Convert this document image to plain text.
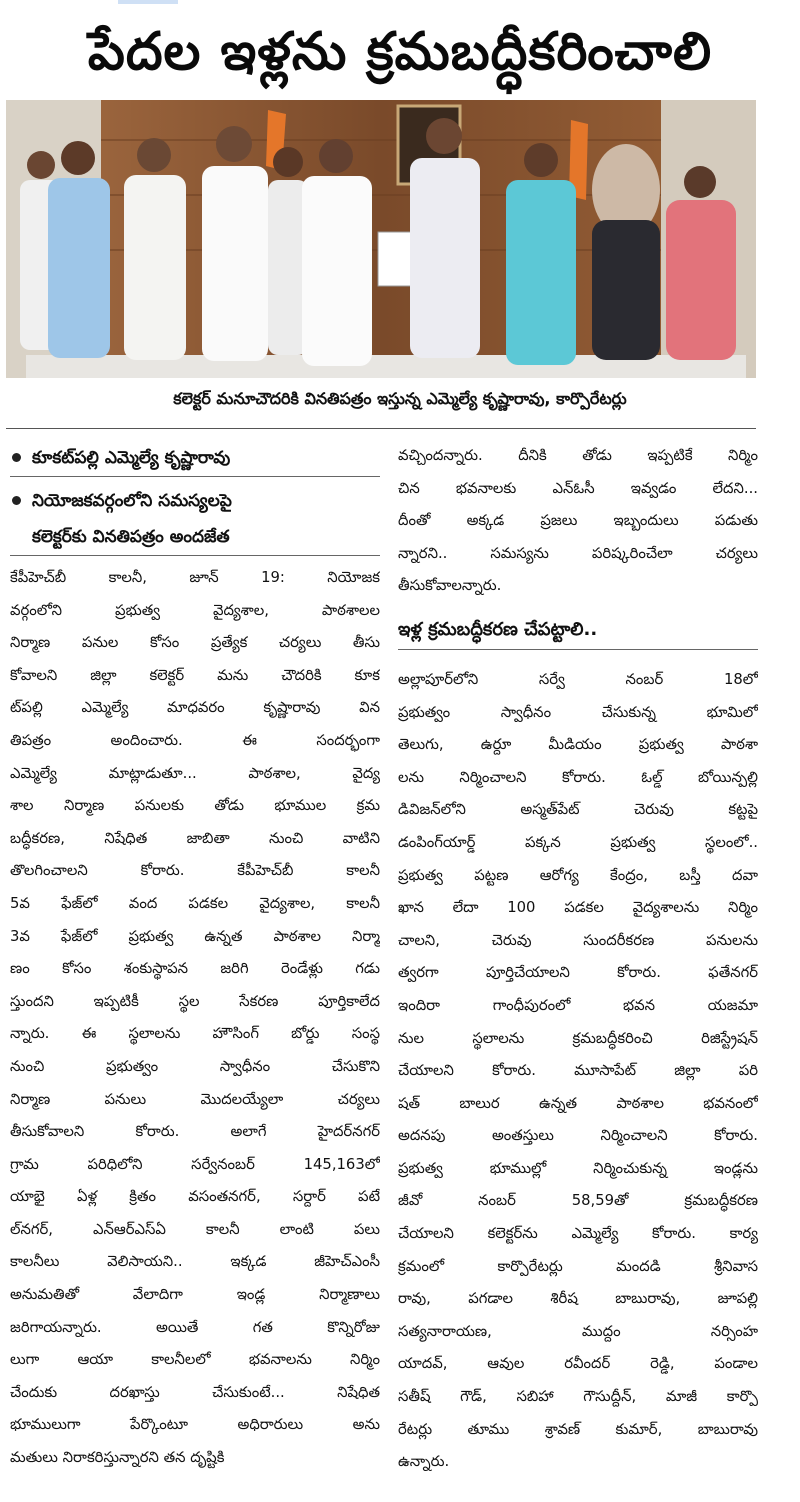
పేదల ఇళ్లను క్రమబద్ధీకరించాలి
కలెక్టర్ మనూచౌదరికి వినతిపత్రం ఇస్తున్న ఎమ్మెల్యే కృష్ణారావు, కార్పొరేటర్లు
కూకట్‌పల్లి ఎమ్మెల్యే కృష్ణారావు
నియోజకవర్గంలోని సమస్యలపై
కలెక్టర్‌కు వినతిపత్రం అందజేత
కేపీహెచ్‌బీ కాలనీ, జూన్ 19: నియోజక
వర్గంలోని ప్రభుత్వ వైద్యశాల, పాఠశాలల
నిర్మాణ పనుల కోసం ప్రత్యేక చర్యలు తీసు
కోవాలని జిల్లా కలెక్టర్ మను చౌదరికి కూక
ట్‌పల్లి ఎమ్మెల్యే మాధవరం కృష్ణారావు విన
తిపత్రం అందించారు. ఈ సందర్భంగా
ఎమ్మెల్యే మాట్లాడుతూ... పాఠశాల, వైద్య
శాల నిర్మాణ పనులకు తోడు భూముల క్రమ
బద్ధీకరణ, నిషేధిత జాబితా నుంచి వాటిని
తొలగించాలని కోరారు. కేపీహెచ్‌బీ కాలనీ
5వ ఫేజ్‌లో వంద పడకల వైద్యశాల, కాలనీ
3వ ఫేజ్‌లో ప్రభుత్వ ఉన్నత పాఠశాల నిర్మా
ణం కోసం శంకుస్థాపన జరిగి రెండేళ్లు గడు
స్తుందని ఇప్పటికీ స్థల సేకరణ పూర్తికాలేద
న్నారు. ఈ స్థలాలను హౌసింగ్ బోర్డు సంస్థ
నుంచి ప్రభుత్వం స్వాధీనం చేసుకొని
నిర్మాణ పనులు మొదలయ్యేలా చర్యలు
తీసుకోవాలని కోరారు. అలాగే హైదర్‌నగర్
గ్రామ పరిధిలోని సర్వేనంబర్ 145,163లో
యాభై ఏళ్ల క్రితం వసంతనగర్, సర్దార్ పటే
ల్‌నగర్, ఎన్ఆర్ఎస్ఏ కాలనీ లాంటి పలు
కాలనీలు వెలిసాయని.. ఇక్కడ జీహెచ్ఎంసీ
అనుమతితో వేలాదిగా ఇండ్ల నిర్మాణాలు
జరిగాయన్నారు. అయితే గత కొన్నిరోజు
లుగా ఆయా కాలనీలలో భవనాలను నిర్మిం
చేందుకు దరఖాస్తు చేసుకుంటే... నిషేధిత
భూములుగా పేర్కొంటూ అధిరారులు అను
మతులు నిరాకరిస్తున్నారని తన దృష్టికి
వచ్చిందన్నారు. దీనికి తోడు ఇప్పటికే నిర్మిం
చిన భవనాలకు ఎన్ఓసీ ఇవ్వడం లేదని...
దీంతో అక్కడ ప్రజలు ఇబ్బందులు పడుతు
న్నారని.. సమస్యను పరిష్కరించేలా చర్యలు
తీసుకోవాలన్నారు.
ఇళ్ల క్రమబద్ధీకరణ చేపట్టాలి..
అల్లాపూర్‌లోని సర్వే నంబర్ 18లో
ప్రభుత్వం స్వాధీనం చేసుకున్న భూమిలో
తెలుగు, ఉర్దూ మీడియం ప్రభుత్వ పాఠశా
లను నిర్మించాలని కోరారు. ఓల్డ్ బోయిన్పల్లి
డివిజన్‌లోని అస్మత్‌పేట్ చెరువు కట్టపై
డంపింగ్‌యార్డ్ పక్కన ప్రభుత్వ స్థలంలో..
ప్రభుత్వ పట్టణ ఆరోగ్య కేంద్రం, బస్తీ దవా
ఖాన లేదా 100 పడకల వైద్యశాలను నిర్మిం
చాలని, చెరువు సుందరీకరణ పనులను
త్వరగా పూర్తిచేయాలని కోరారు. ఫతేనగర్
ఇందిరా గాంధీపురంలో భవన యజమా
నుల స్థలాలను క్రమబద్ధీకరించి రిజిస్ట్రేషన్
చేయాలని కోరారు. మూసాపేట్ జిల్లా పరి
షత్ బాలుర ఉన్నత పాఠశాల భవనంలో
అదనపు అంతస్తులు నిర్మించాలని కోరారు.
ప్రభుత్వ భూముల్లో నిర్మించుకున్న ఇండ్లను
జీవో నంబర్ 58,59తో క్రమబద్ధీకరణ
చేయాలని కలెక్టర్‌ను ఎమ్మెల్యే కోరారు. కార్య
క్రమంలో కార్పొరేటర్లు మందడి శ్రీనివాస
రావు, పగడాల శిరీష బాబురావు, జూపల్లి
సత్యనారాయణ, ముద్దం నర్సింహ
యాదవ్, ఆవుల రవీందర్ రెడ్డి, పండాల
సతీష్ గౌడ్, సబిహా గౌసుద్దీన్, మాజీ కార్పొ
రేటర్లు తూము శ్రావణ్ కుమార్, బాబురావు
ఉన్నారు.
